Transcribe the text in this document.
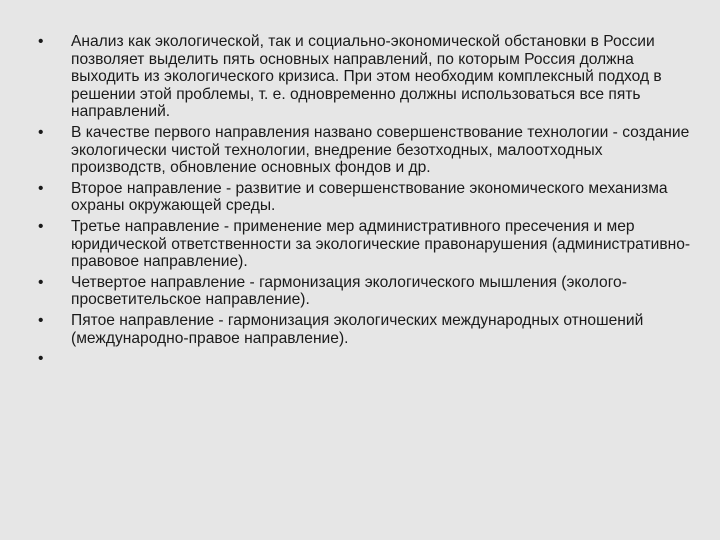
•	Анализ как экологической, так и социально-экономической обстановки в России позволяет выделить пять основных направлений, по которым Россия должна выходить из экологического кризиса. При этом необходим комплексный подход в решении этой проблемы, т. е. одновременно должны использоваться все пять направлений.
•	В качестве первого направления названо совершенствование технологии - создание экологически чистой технологии, внедрение безотходных, малоотходных производств, обновление основных фондов и др.
•	Второе направление - развитие и совершенствование экономического механизма охраны окружающей среды.
•	Третье направление - применение мер административного пресечения и мер юридической ответственности за экологические правонарушения (административно-правовое направление).
•	Четвертое направление - гармонизация экологического мышления (эколого-просветительское направление).
•	Пятое направление - гармонизация экологических международных отношений (международно-правое направление).
•
